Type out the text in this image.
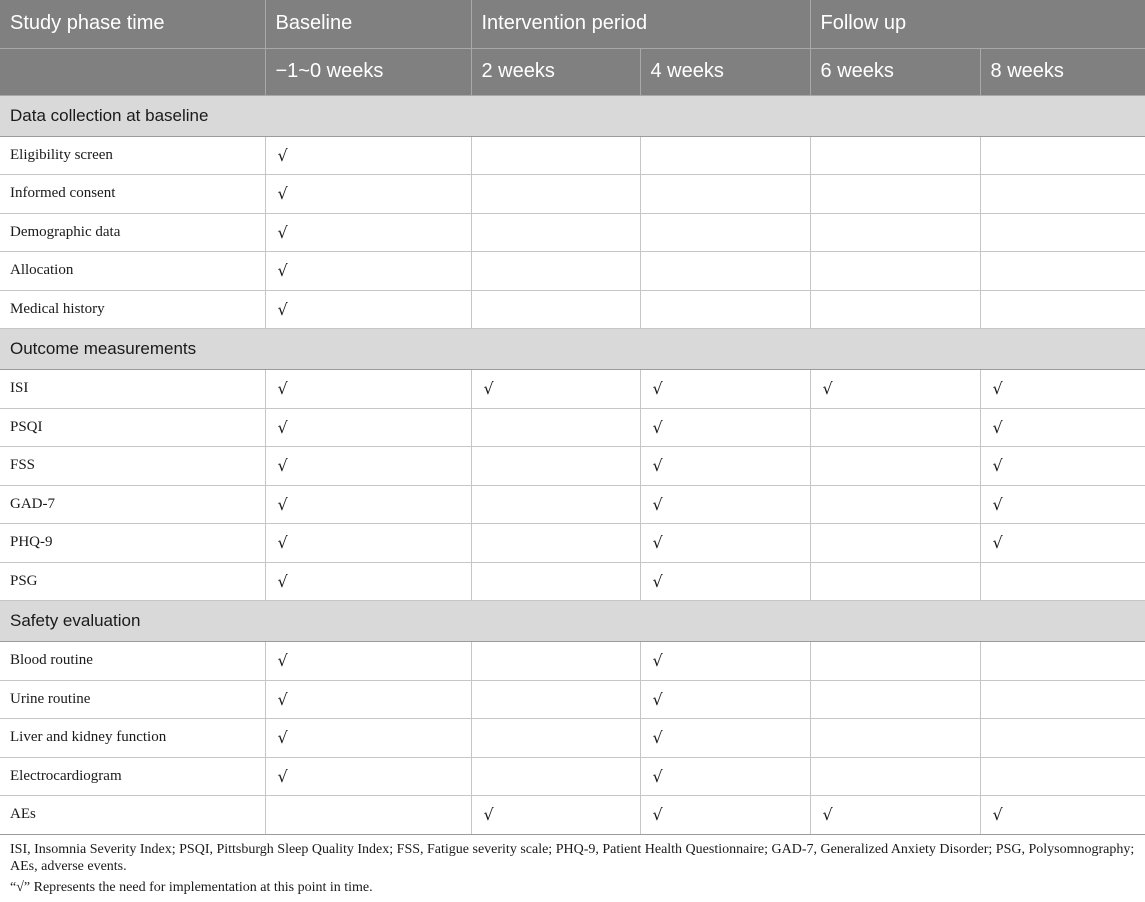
Study phase time	Baseline	Intervention period		Follow up	
	−1~0 weeks	2 weeks	4 weeks	6 weeks	8 weeks
Data collection at baseline					
Eligibility screen	√				
Informed consent	√				
Demographic data	√				
Allocation	√				
Medical history	√				
Outcome measurements					
ISI	√	√	√	√	√
PSQI	√		√		√
FSS	√		√		√
GAD-7	√		√		√
PHQ-9	√		√		√
PSG	√		√		
Safety evaluation					
Blood routine	√		√		
Urine routine	√		√		
Liver and kidney function	√		√		
Electrocardiogram	√		√		
AEs		√	√	√	√

ISI, Insomnia Severity Index; PSQI, Pittsburgh Sleep Quality Index; FSS, Fatigue severity scale; PHQ-9, Patient Health Questionnaire; GAD-7, Generalized Anxiety Disorder; PSG, Polysomnography; AEs, adverse events.

“√” Represents the need for implementation at this point in time.
